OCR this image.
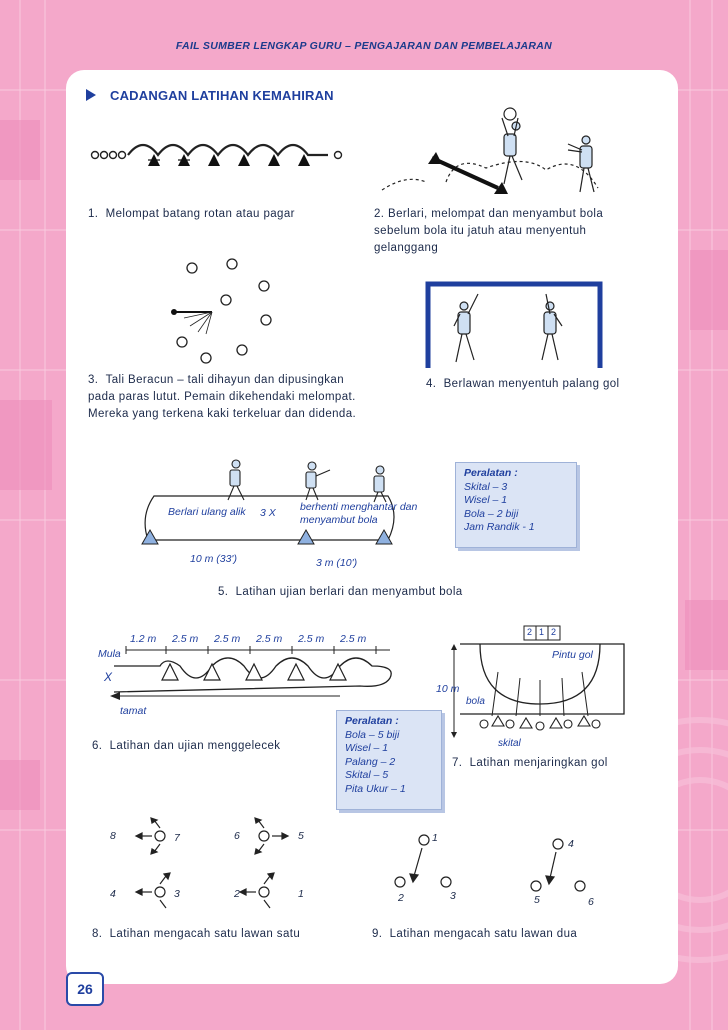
FAIL SUMBER LENGKAP GURU – PENGAJARAN DAN PEMBELAJARAN
CADANGAN LATIHAN KEMAHIRAN
1. Melompat batang rotan atau pagar	2. Berlari, melompat dan menyambut bola sebelum bola itu jatuh atau menyentuh gelanggang
3. Tali Beracun – tali dihayun dan dipusingkan pada paras lutut. Pemain dikehendaki melompat. Mereka yang terkena kaki terkeluar dan didenda.
4. Berlawan menyentuh palang gol
Berlari ulang alik	3 X berhenti menghantar dan menyambut bola
10 m (33')	3 m (10')
Peralatan :
Skital – 3
Wisel – 1
Bola – 2 biji
Jam Randik - 1
5. Latihan ujian berlari dan menyambut bola
1.2 m 2.5 m 2.5 m 2.5 m 2.5 m 2.5 m
Mula
X
tamat
6. Latihan dan ujian menggelecek
Peralatan :
Bola – 5 biji
Wisel – 1
Palang – 2
Skital – 5
Pita Ukur – 1
2 1 2
Pintu gol
10 m
bola
skital
7. Latihan menjaringkan gol
8	7	6	5
4	3	2	1
8. Latihan mengacah satu lawan satu
1	4
2	3	5	6
9. Latihan mengacah satu lawan dua
26
